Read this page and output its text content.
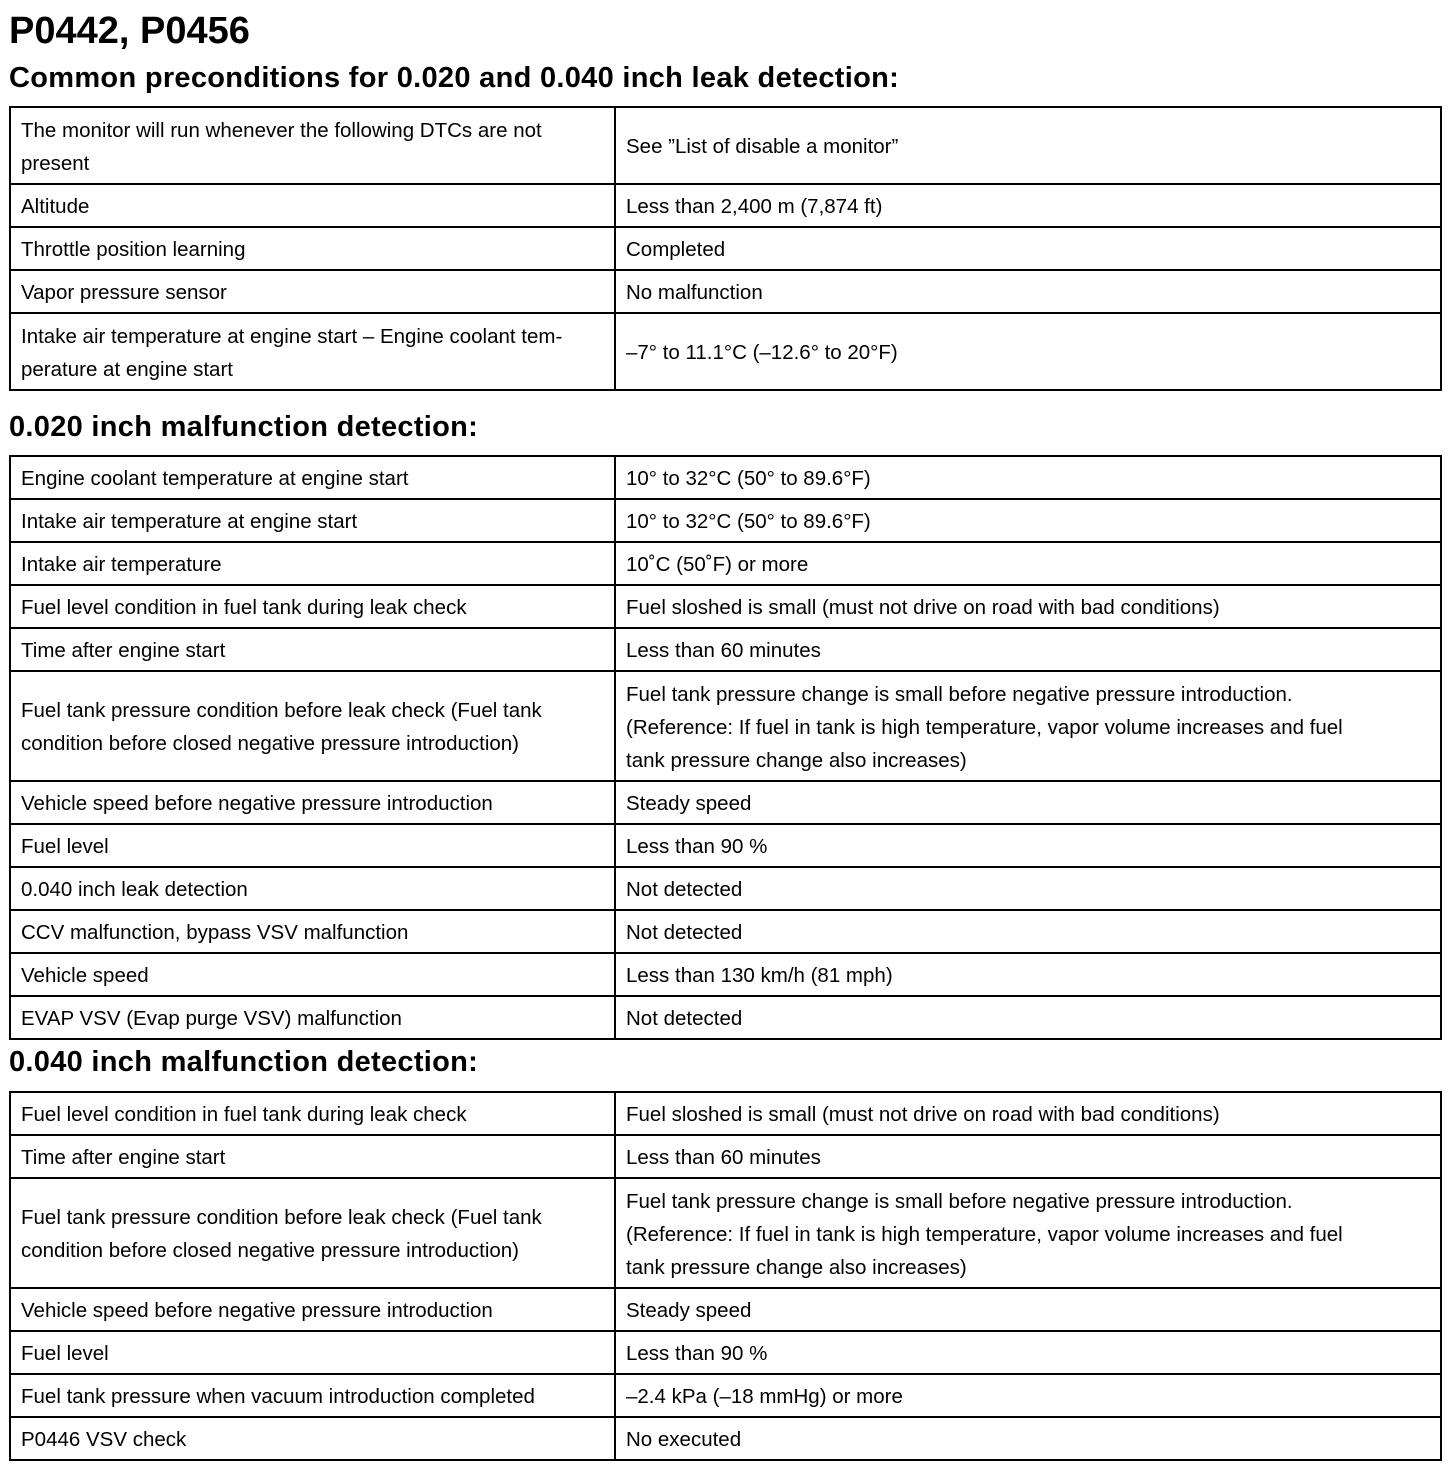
P0442, P0456
Common preconditions for 0.020 and 0.040 inch leak detection:
The monitor will run whenever the following DTCs are not
present	See ”List of disable a monitor”
Altitude	Less than 2,400 m (7,874 ft)
Throttle position learning	Completed
Vapor pressure sensor	No malfunction
Intake air temperature at engine start – Engine coolant tem-
perature at engine start	–7° to 11.1°C (–12.6° to 20°F)
0.020 inch malfunction detection:
Engine coolant temperature at engine start	10° to 32°C (50° to 89.6°F)
Intake air temperature at engine start	10° to 32°C (50° to 89.6°F)
Intake air temperature	10˚C (50˚F) or more
Fuel level condition in fuel tank during leak check	Fuel sloshed is small (must not drive on road with bad conditions)
Time after engine start	Less than 60 minutes
Fuel tank pressure condition before leak check (Fuel tank
condition before closed negative pressure introduction)	Fuel tank pressure change is small before negative pressure introduction.
(Reference: If fuel in tank is high temperature, vapor volume increases and fuel
tank pressure change also increases)
Vehicle speed before negative pressure introduction	Steady speed
Fuel level	Less than 90 %
0.040 inch leak detection	Not detected
CCV malfunction, bypass VSV malfunction	Not detected
Vehicle speed	Less than 130 km/h (81 mph)
EVAP VSV (Evap purge VSV) malfunction	Not detected
0.040 inch malfunction detection:
Fuel level condition in fuel tank during leak check	Fuel sloshed is small (must not drive on road with bad conditions)
Time after engine start	Less than 60 minutes
Fuel tank pressure condition before leak check (Fuel tank
condition before closed negative pressure introduction)	Fuel tank pressure change is small before negative pressure introduction.
(Reference: If fuel in tank is high temperature, vapor volume increases and fuel
tank pressure change also increases)
Vehicle speed before negative pressure introduction	Steady speed
Fuel level	Less than 90 %
Fuel tank pressure when vacuum introduction completed	–2.4 kPa (–18 mmHg) or more
P0446 VSV check	No executed
